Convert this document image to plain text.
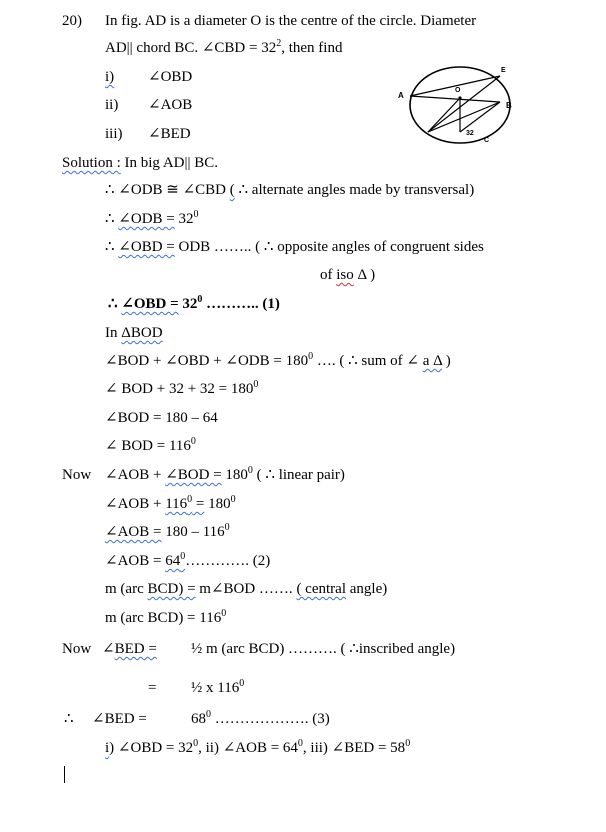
20) In fig. AD is a diameter O is the centre of the circle. Diameter
AD|| chord BC. ∠CBD = $32^2$, then find
i) ∠OBD
ii) ∠AOB
iii) ∠BED
A
O
E
B
C
32
Solution : In big AD|| BC.
∴ ∠ODB ≅ ∠CBD ( ∴ alternate angles made by transversal)
∴ ∠ODB = $32^0$
∴ ∠OBD = ODB …….. ( ∴ opposite angles of congruent sides
of iso Δ )
∴ ∠OBD = $32^0$ ……….. (1)
In ΔBOD
∠BOD + ∠OBD + ∠ODB = $180^0$ …. ( ∴ sum of ∠ a Δ )
∠ BOD + $32 + 32 = 180^0$
∠BOD = 180 – 64
∠ BOD = $116^0$
Now ∠AOB + ∠BOD = $180^0$ ( ∴ linear pair)
∠AOB + $116^0 = 180^0$
∠AOB = $180 - 116^0$
∠AOB = $64^0\dots\dots\dots\dots$. (2)
m (arc BCD) = m∠BOD ……. ( central angle)
m (arc $BCD) = 116^0$
Now ∠BED = ½ m (arc BCD) ………. ( ∴inscribed angle)
= ½ x $116^0$
∴ ∠BED =	$68^0$ ………………. (3)
i) ∠OBD = $32^0$, ii) ∠AOB = $64^0$, iii) ∠BED = $58^0$
